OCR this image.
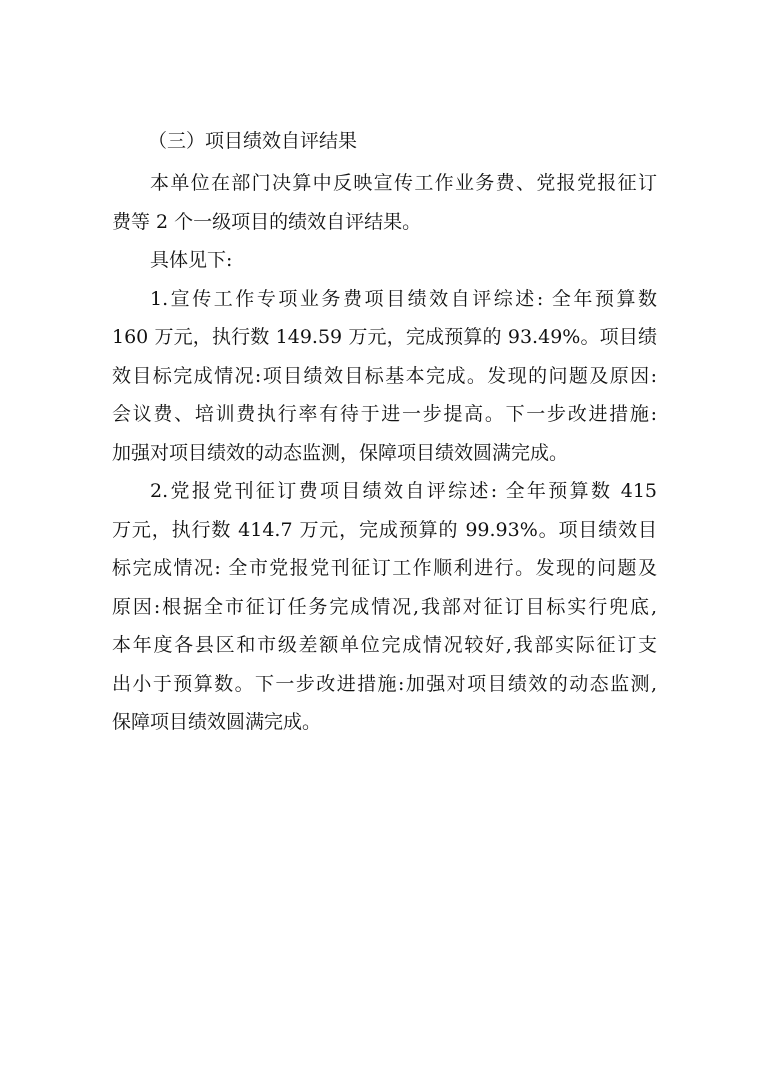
（三）项目绩效自评结果

本单位在部门决算中反映宣传工作业务费、党报党报征订
费等 2 个一级项目的绩效自评结果。

具体见下:

1.宣传工作专项业务费项目绩效自评综述: 全年预算数
160 万元，执行数 149.59 万元，完成预算的 93.49%。项目绩
效目标完成情况:项目绩效目标基本完成。发现的问题及原因:
会议费、培训费执行率有待于进一步提高。下一步改进措施:
加强对项目绩效的动态监测，保障项目绩效圆满完成。

2.党报党刊征订费项目绩效自评综述: 全年预算数 415
万元，执行数 414.7 万元，完成预算的 99.93%。项目绩效目
标完成情况: 全市党报党刊征订工作顺利进行。发现的问题及
原因:根据全市征订任务完成情况,我部对征订目标实行兜底,
本年度各县区和市级差额单位完成情况较好,我部实际征订支
出小于预算数。下一步改进措施:加强对项目绩效的动态监测,
保障项目绩效圆满完成。
